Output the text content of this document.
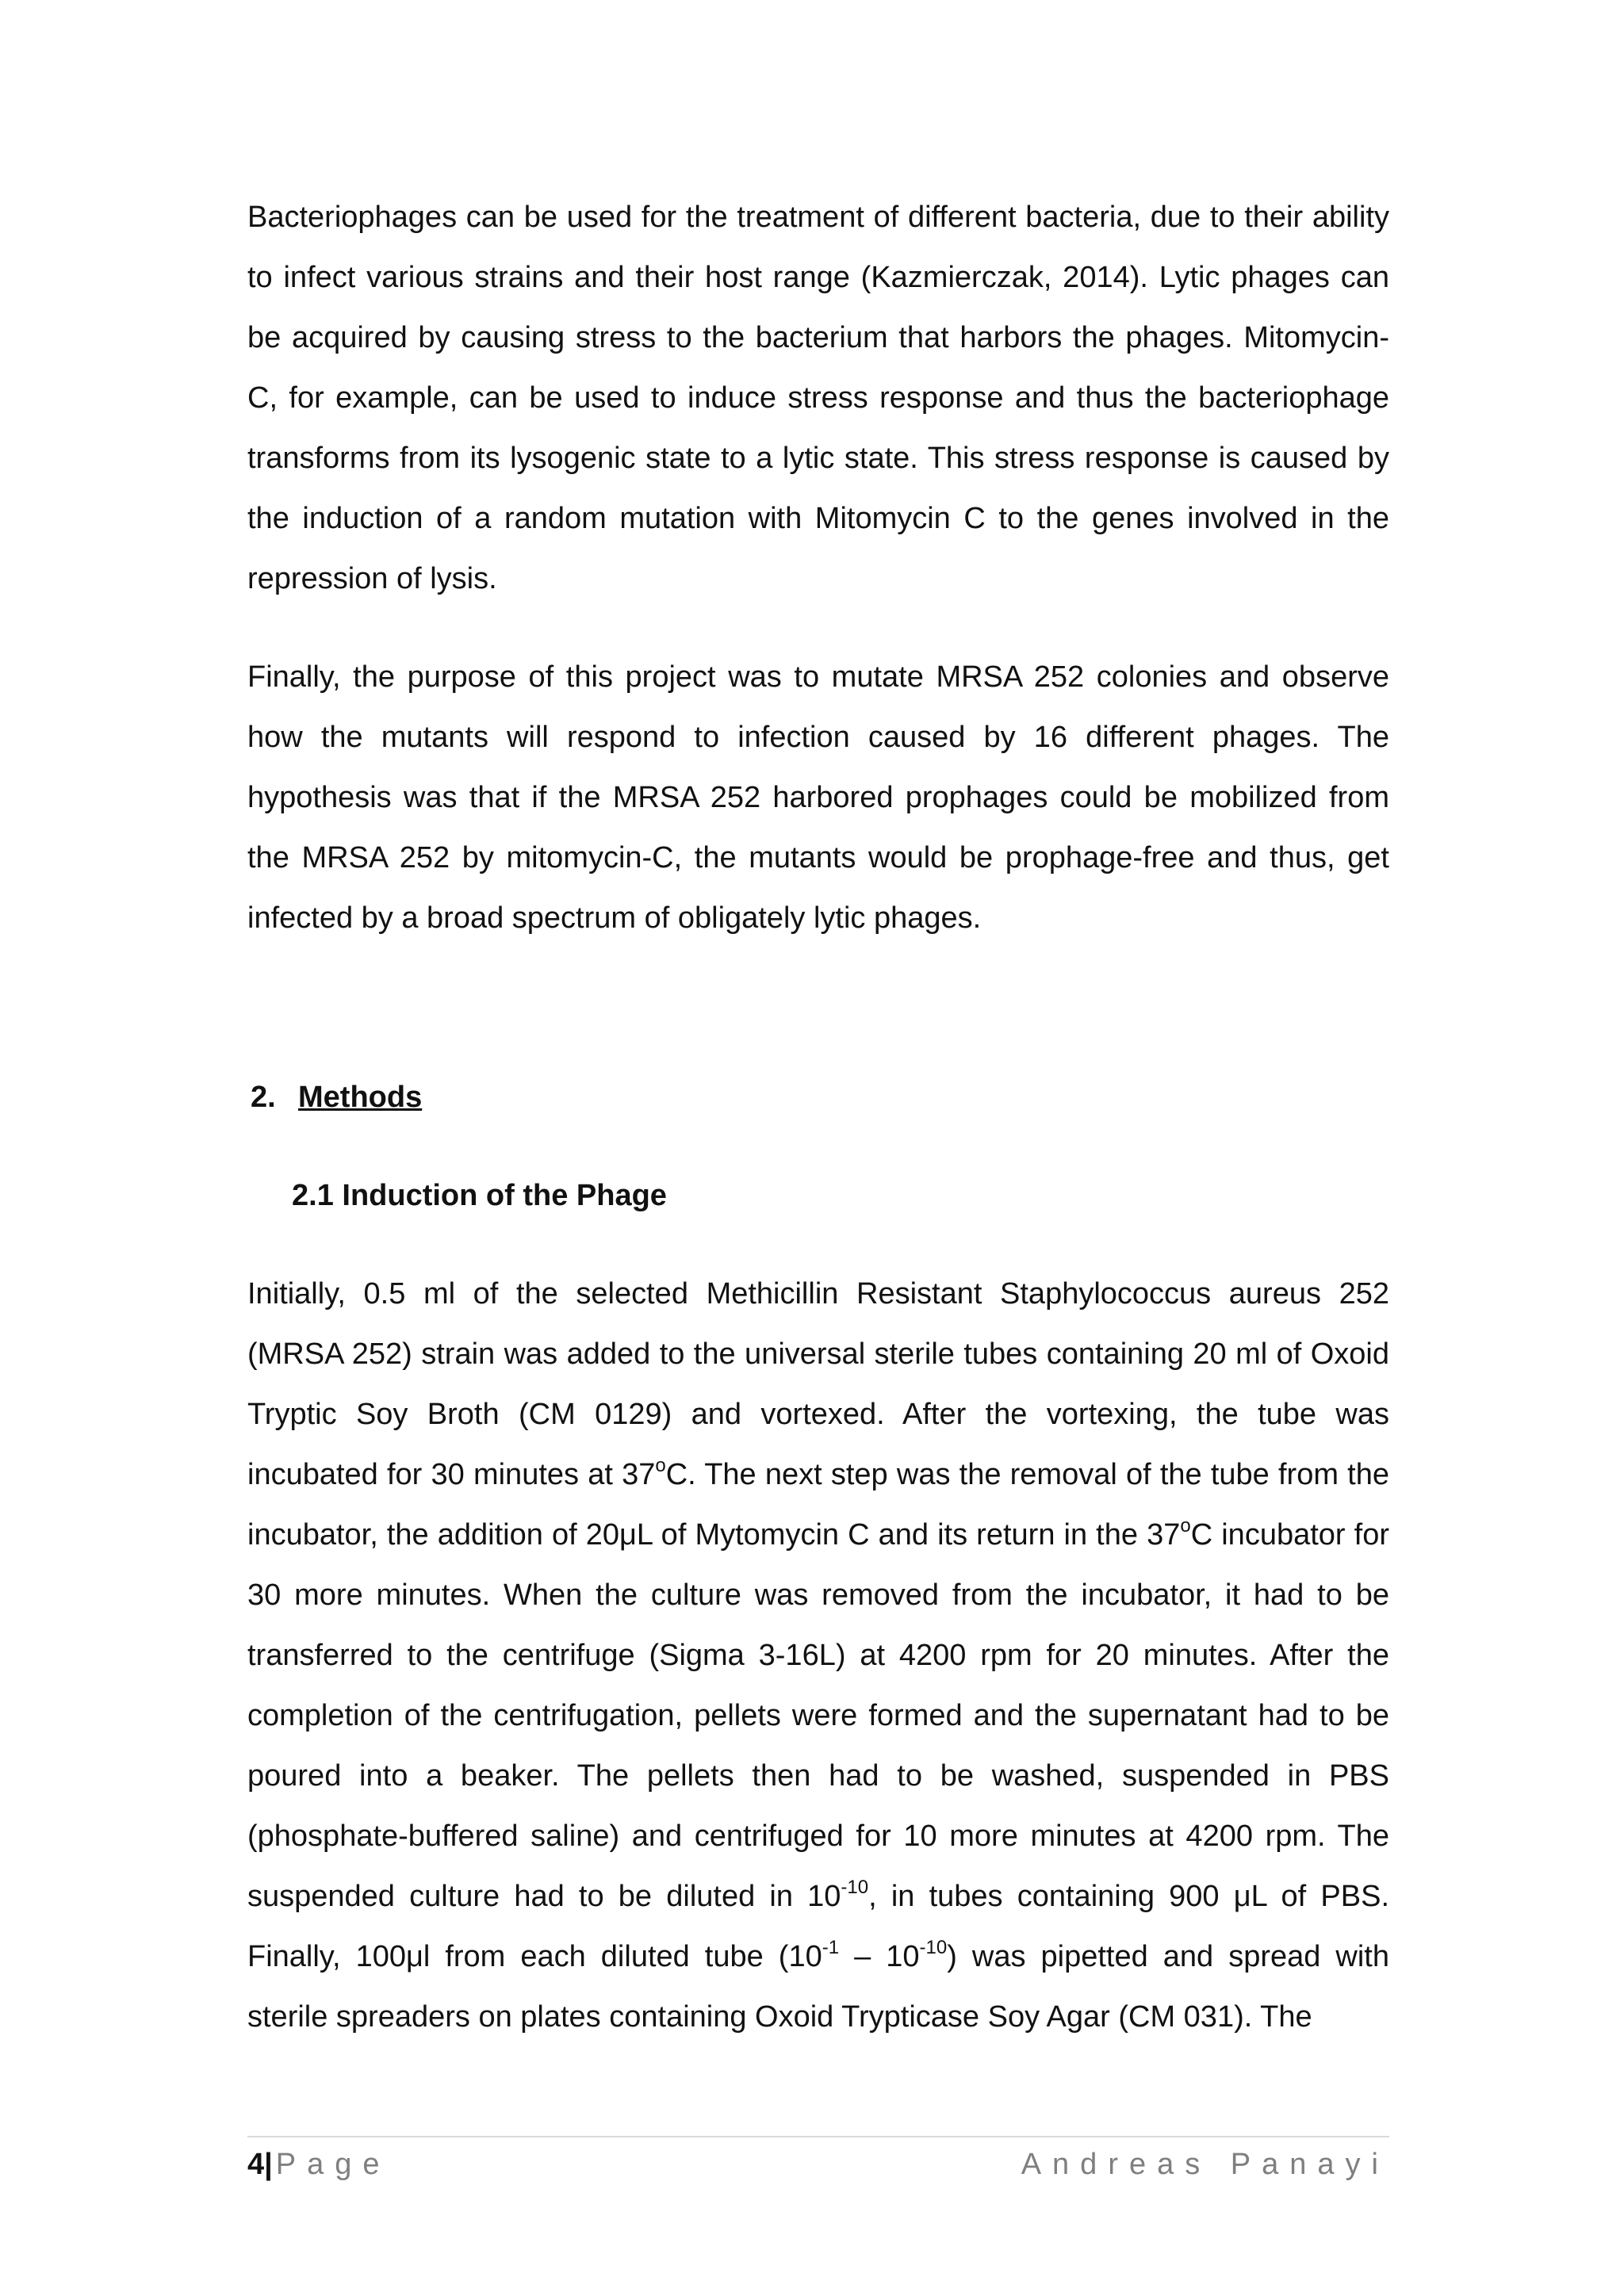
Bacteriophages can be used for the treatment of different bacteria, due to their ability to infect various strains and their host range (Kazmierczak, 2014). Lytic phages can be acquired by causing stress to the bacterium that harbors the phages. Mitomycin-C, for example, can be used to induce stress response and thus the bacteriophage transforms from its lysogenic state to a lytic state. This stress response is caused by the induction of a random mutation with Mitomycin C to the genes involved in the repression of lysis.

Finally, the purpose of this project was to mutate MRSA 252 colonies and observe how the mutants will respond to infection caused by 16 different phages. The hypothesis was that if the MRSA 252 harbored prophages could be mobilized from the MRSA 252 by mitomycin-C, the mutants would be prophage-free and thus, get infected by a broad spectrum of obligately lytic phages.

2. Methods
2.1 Induction of the Phage

Initially, 0.5 ml of the selected Methicillin Resistant Staphylococcus aureus 252 (MRSA 252) strain was added to the universal sterile tubes containing 20 ml of Oxoid Tryptic Soy Broth (CM 0129) and vortexed. After the vortexing, the tube was incubated for 30 minutes at 37$^o$C. The next step was the removal of the tube from the incubator, the addition of 20μL of Mytomycin C and its return in the 37$^o$C incubator for 30 more minutes. When the culture was removed from the incubator, it had to be transferred to the centrifuge (Sigma 3-16L) at 4200 rpm for 20 minutes. After the completion of the centrifugation, pellets were formed and the supernatant had to be poured into a beaker. The pellets then had to be washed, suspended in PBS (phosphate-buffered saline) and centrifuged for 10 more minutes at 4200 rpm. The suspended culture had to be diluted in $10^{-10}$, in tubes containing 900 μL of PBS. Finally, 100μl from each diluted tube $(10^{-1} - 10^{-10})$ was pipetted and spread with sterile spreaders on plates containing Oxoid Trypticase Soy Agar (CM 031). The

4| Page	Andreas Panayi
